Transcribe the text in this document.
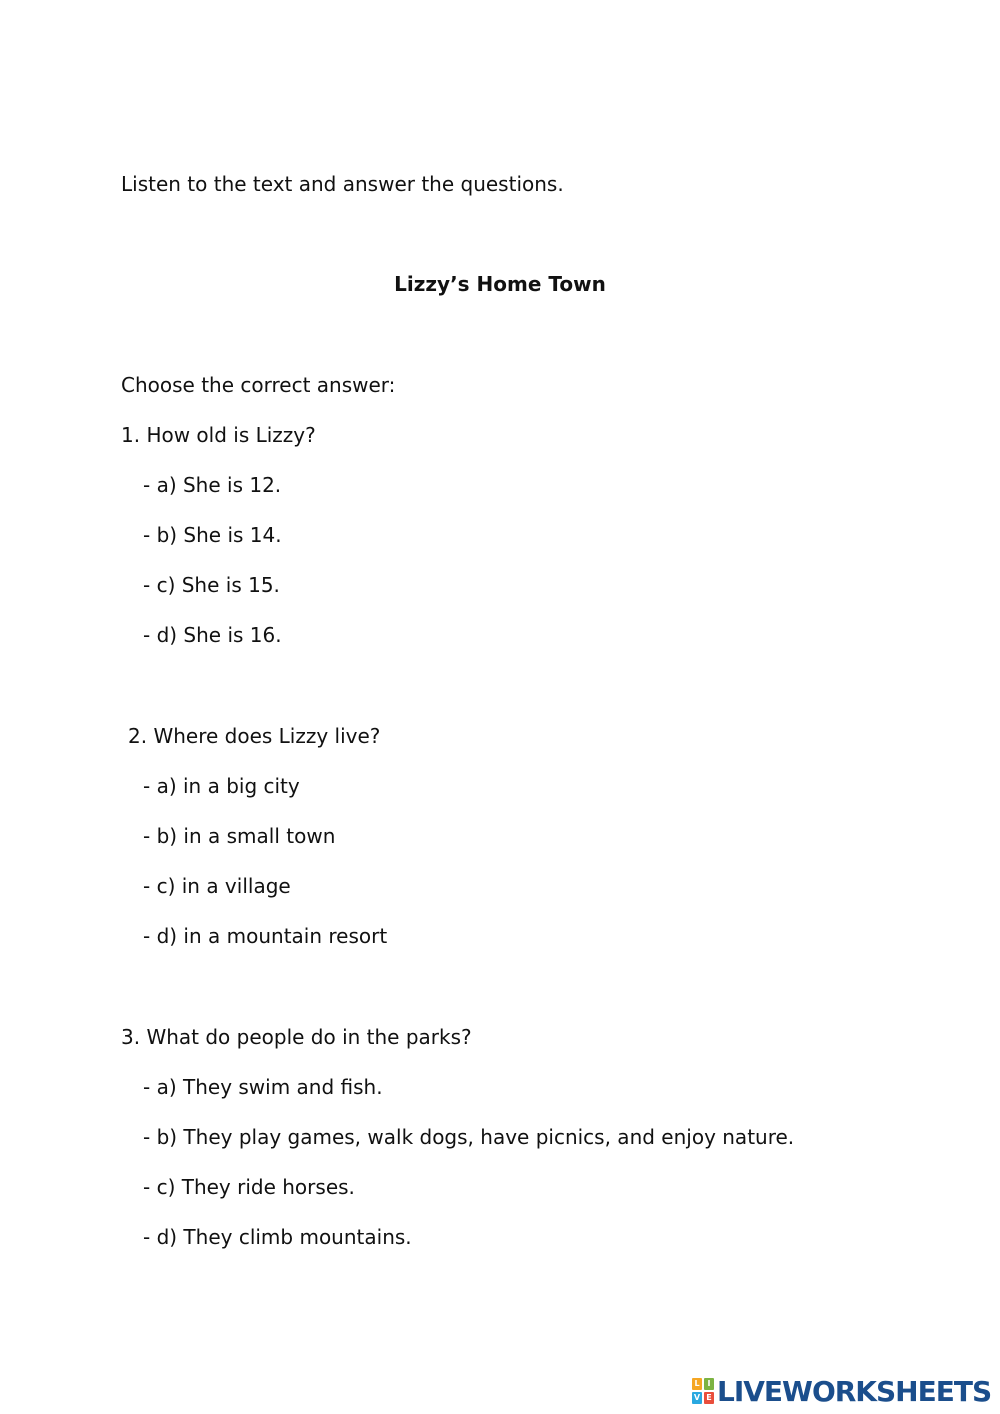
Listen to the text and answer the questions.
Lizzy’s Home Town
Choose the correct answer:
1. How old is Lizzy?
- a) She is 12.
- b) She is 14.
- c) She is 15.
- d) She is 16.
2. Where does Lizzy live?
- a) in a big city
- b) in a small town
- c) in a village
- d) in a mountain resort
3. What do people do in the parks?
- a) They swim and fish.
- b) They play games, walk dogs, have picnics, and enjoy nature.
- c) They ride horses.
- d) They climb mountains.
L I
V E LIVEWORKSHEETS
